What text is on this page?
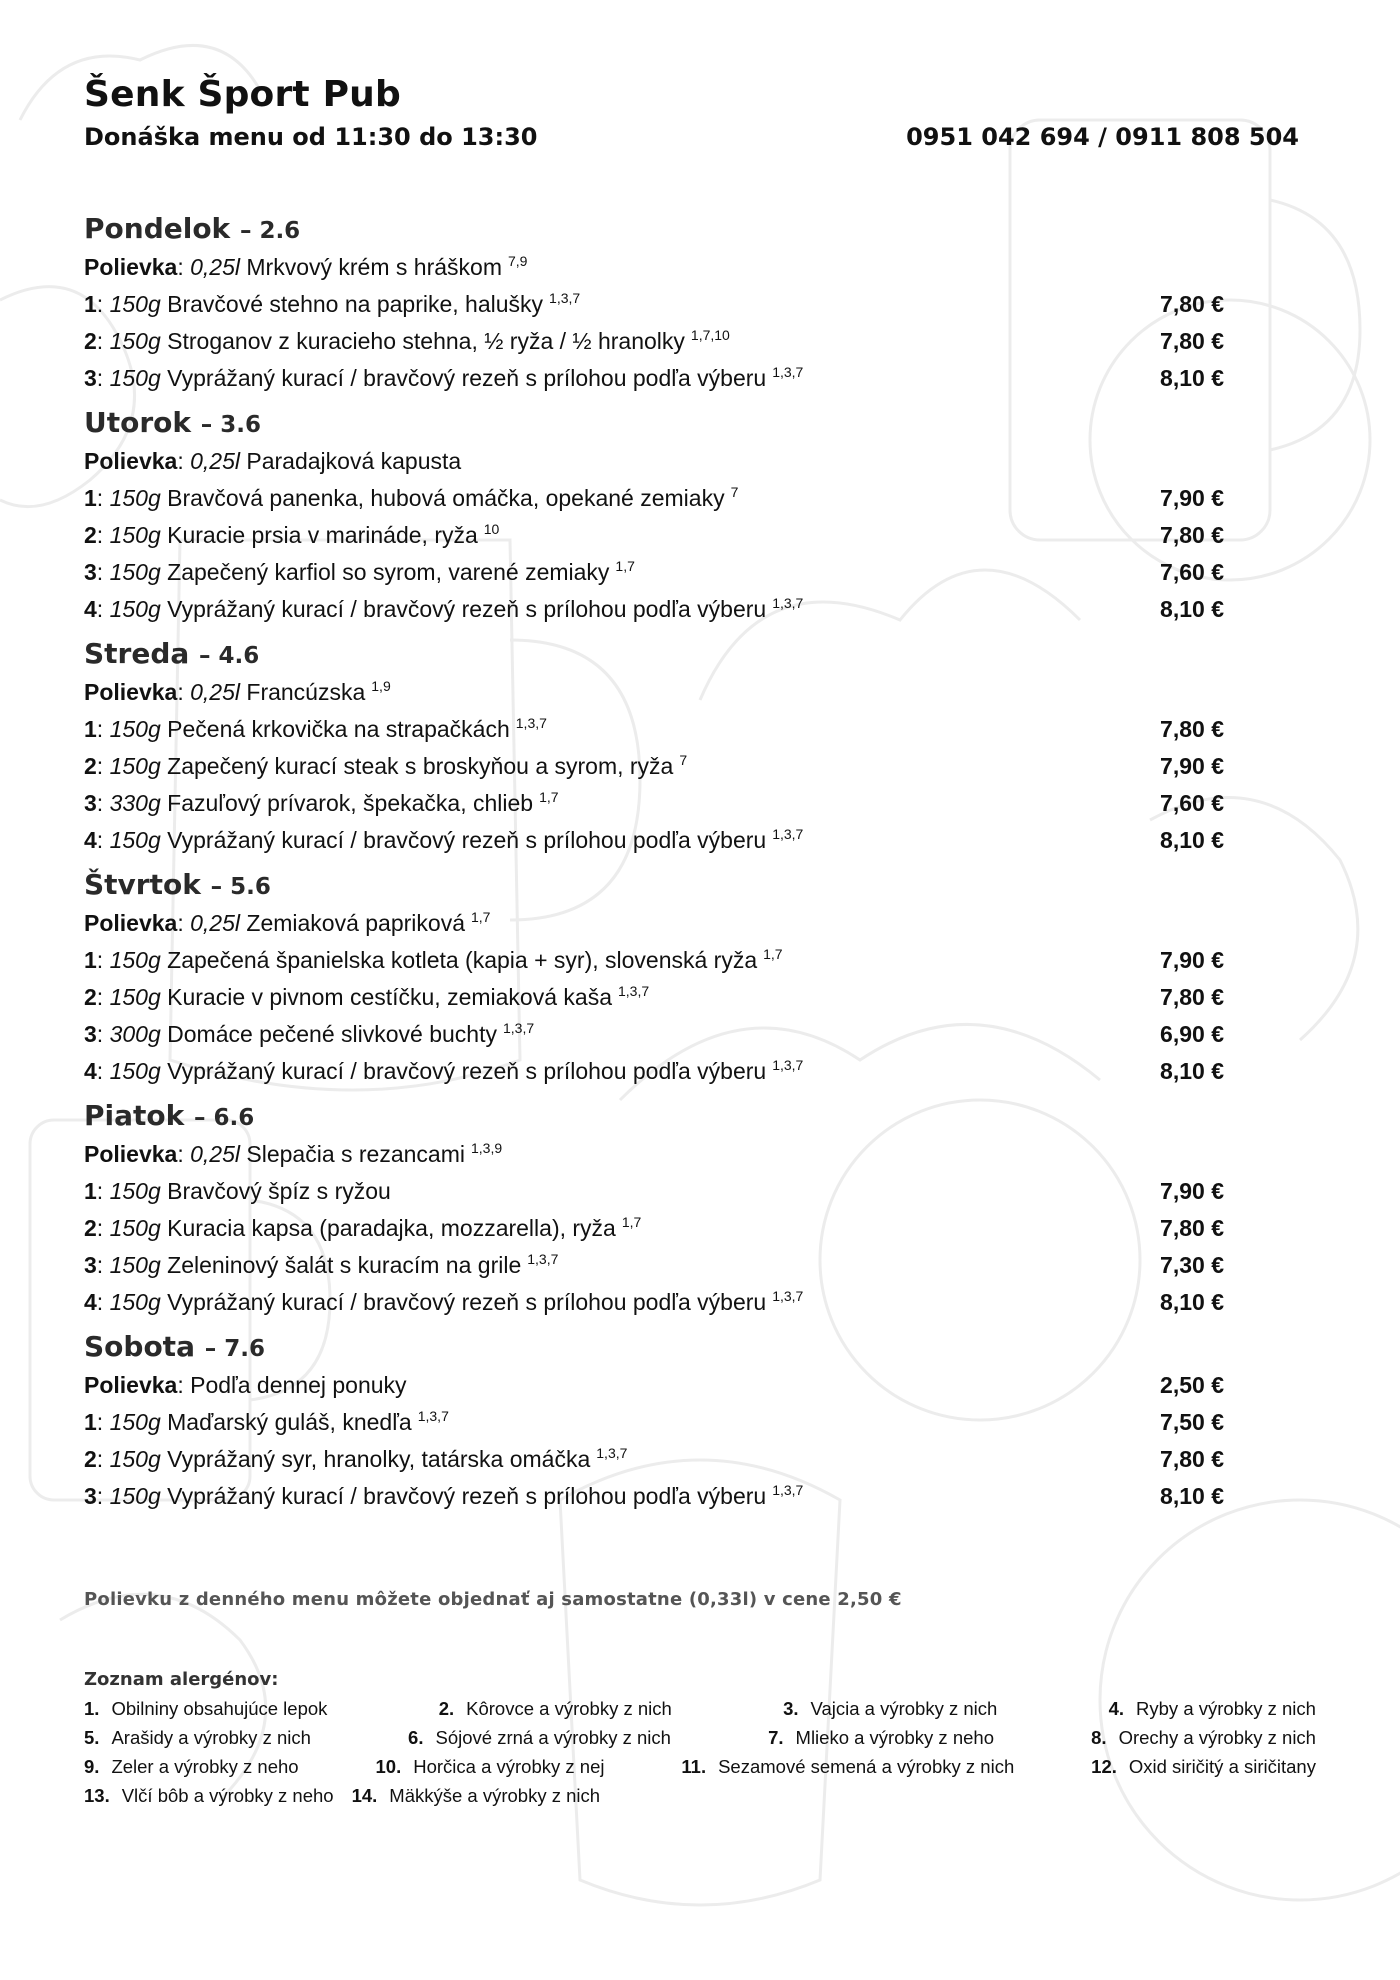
Šenk Šport Pub
Donáška menu od 11:30 do 13:30	0951 042 694 / 0911 808 504
Pondelok – 2.6
Polievka: 0,25l Mrkvový krém s hráškom $^{7,9}$
1: 150g Bravčové stehno na paprike, halušky $^{1,3,7}$	7,80 €
2: 150g Stroganov z kuracieho stehna, ½ ryža / ½ hranolky $^{1,7,10}$	7,80 €
3: 150g Vyprážaný kurací / bravčový rezeň s prílohou podľa výberu $^{1,3,7}$	8,10 €
Utorok – 3.6
Polievka: 0,25l Paradajková kapusta
1: 150g Bravčová panenka, hubová omáčka, opekané zemiaky $^7$	7,90 €
2: 150g Kuracie prsia v marináde, ryža $^{10}$	7,80 €
3: 150g Zapečený karfiol so syrom, varené zemiaky $^{1,7}$	7,60 €
4: 150g Vyprážaný kurací / bravčový rezeň s prílohou podľa výberu $^{1,3,7}$	8,10 €
Streda – 4.6
Polievka: 0,25l Francúzska $^{1,9}$
1: 150g Pečená krkovička na strapačkách $^{1,3,7}$	7,80 €
2: 150g Zapečený kurací steak s broskyňou a syrom, ryža $^7$	7,90 €
3: 330g Fazuľový prívarok, špekačka, chlieb $^{1,7}$	7,60 €
4: 150g Vyprážaný kurací / bravčový rezeň s prílohou podľa výberu $^{1,3,7}$	8,10 €
Štvrtok – 5.6
Polievka: 0,25l Zemiaková papriková $^{1,7}$
1: 150g Zapečená španielska kotleta (kapia + syr), slovenská ryža $^{1,7}$	7,90 €
2: 150g Kuracie v pivnom cestíčku, zemiaková kaša $^{1,3,7}$	7,80 €
3: 300g Domáce pečené slivkové buchty $^{1,3,7}$	6,90 €
4: 150g Vyprážaný kurací / bravčový rezeň s prílohou podľa výberu $^{1,3,7}$	8,10 €
Piatok – 6.6
Polievka: 0,25l Slepačia s rezancami $^{1,3,9}$
1: 150g Bravčový špíz s ryžou	7,90 €
2: 150g Kuracia kapsa (paradajka, mozzarella), ryža $^{1,7}$	7,80 €
3: 150g Zeleninový šalát s kuracím na grile $^{1,3,7}$	7,30 €
4: 150g Vyprážaný kurací / bravčový rezeň s prílohou podľa výberu $^{1,3,7}$	8,10 €
Sobota – 7.6
Polievka: Podľa dennej ponuky	2,50 €
1: 150g Maďarský guláš, knedľa $^{1,3,7}$	7,50 €
2: 150g Vyprážaný syr, hranolky, tatárska omáčka $^{1,3,7}$	7,80 €
3: 150g Vyprážaný kurací / bravčový rezeň s prílohou podľa výberu $^{1,3,7}$	8,10 €
Polievku z denného menu môžete objednať aj samostatne (0,33l) v cene 2,50 €
Zoznam alergénov:
1. Obilniny obsahujúce lepok	2. Kôrovce a výrobky z nich	3. Vajcia a výrobky z nich	4. Ryby a výrobky z nich
5. Arašidy a výrobky z nich	6. Sójové zrná a výrobky z nich	7. Mlieko a výrobky z neho	8. Orechy a výrobky z nich
9. Zeler a výrobky z neho	10. Horčica a výrobky z nej	11. Sezamové semená a výrobky z nich	12. Oxid siričitý a siričitany
13. Vlčí bôb a výrobky z neho 14. Mäkkýše a výrobky z nich
